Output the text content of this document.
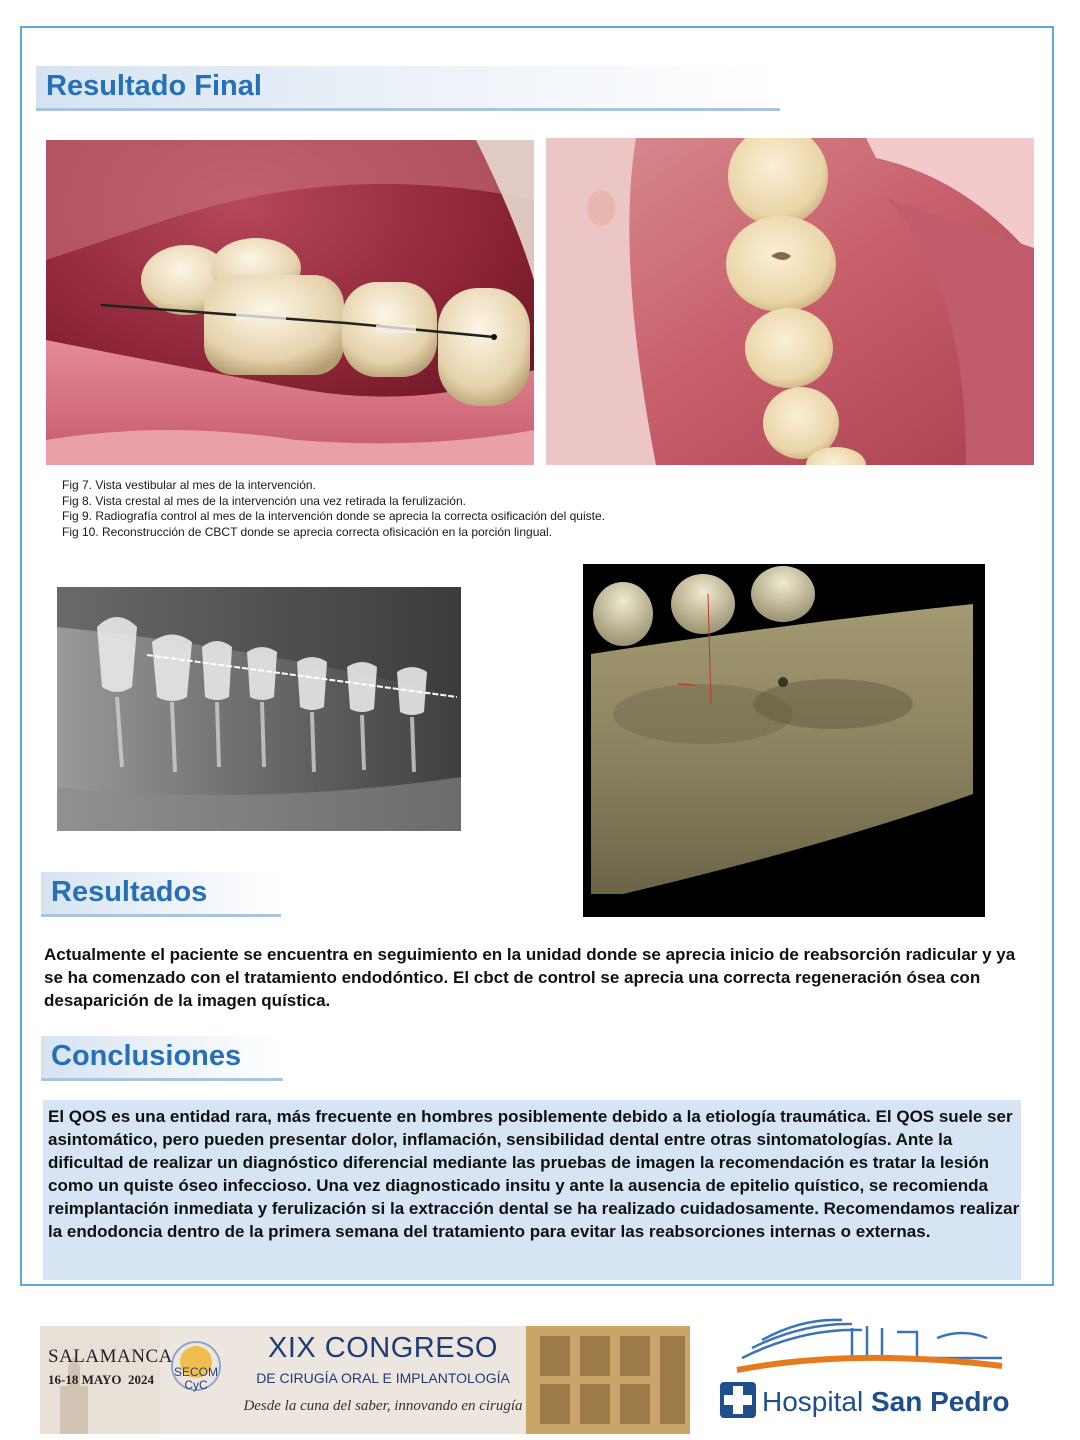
Resultado Final
Fig 7. Vista vestibular al mes de la intervención.
Fig 8. Vista crestal al mes de la intervención una vez retirada la ferulización.
Fig 9. Radiografía control al mes de la intervención donde se aprecia la correcta osificación del quiste.
Fig 10. Reconstrucción de CBCT donde se aprecia correcta ofisicación en la porción lingual.
Resultados
Actualmente el paciente se encuentra en seguimiento en la unidad donde se aprecia inicio de reabsorción radicular y ya se ha comenzado con el tratamiento endodóntico. El cbct de control se aprecia una correcta regeneración ósea con desaparición de la imagen quística.
Conclusiones
El QOS es una entidad rara, más frecuente en hombres posiblemente debido a la etiología traumática. El QOS suele ser asintomático, pero pueden presentar dolor, inflamación, sensibilidad dental entre otras sintomatologías. Ante la dificultad de realizar un diagnóstico diferencial mediante las pruebas de imagen la recomendación es tratar la lesión como un quiste óseo infeccioso. Una vez diagnosticado insitu y ante la ausencia de epitelio quístico, se recomienda reimplantación inmediata y ferulización si la extracción dental se ha realizado cuidadosamente. Recomendamos realizar la endodoncia dentro de la primera semana del tratamiento para evitar las reabsorciones internas o externas.
SALAMANCA
16-18 MAYO  2024	SECOM CyC
XIX CONGRESO
DE CIRUGÍA ORAL E IMPLANTOLOGÍA
Desde la cuna del saber, innovando en cirugía	Hospital San Pedro
